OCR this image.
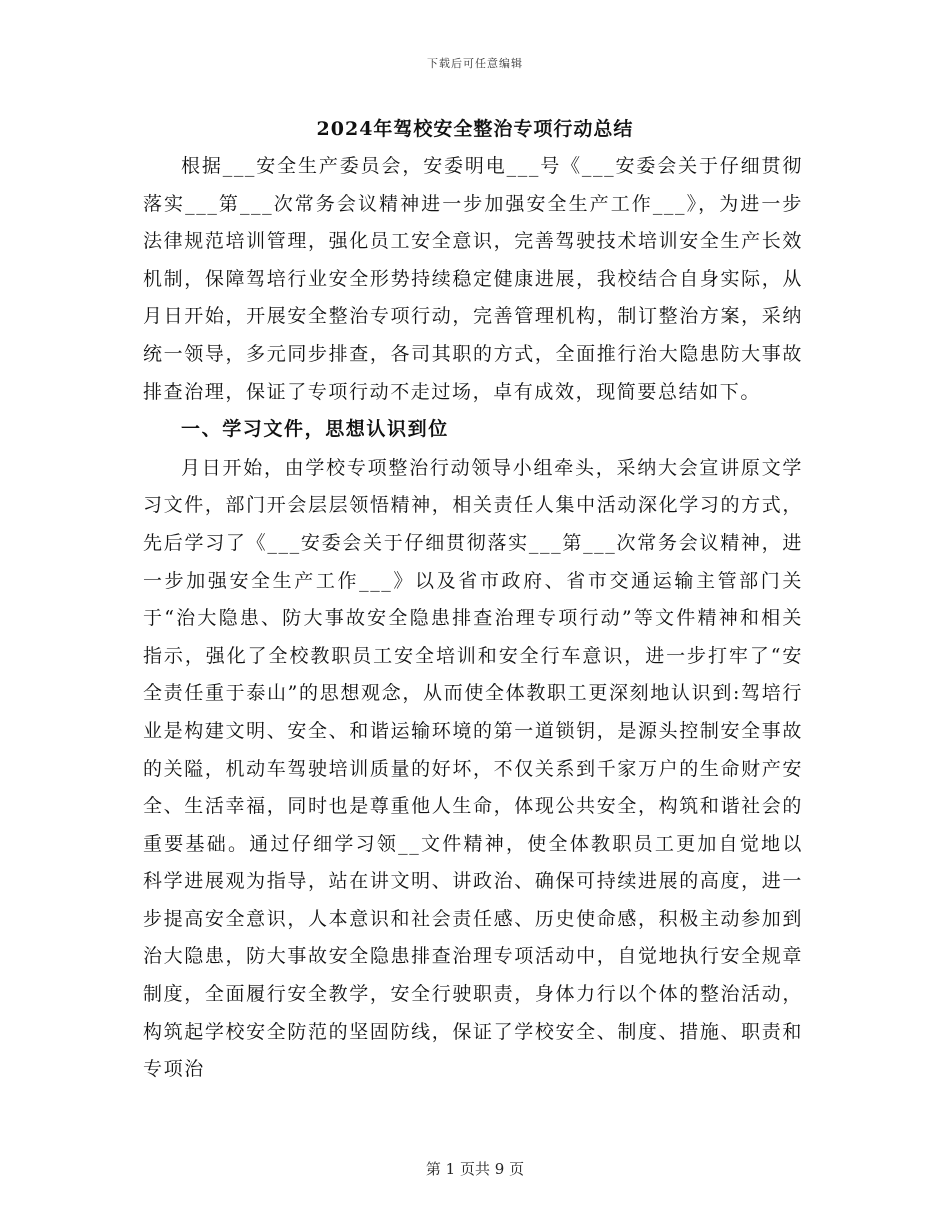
下载后可任意编辑
2024年驾校安全整治专项行动总结

根据___安全生产委员会，安委明电___号《___安委会关于仔细贯彻落实___第___次常务会议精神进一步加强安全生产工作___》，为进一步法律规范培训管理，强化员工安全意识，完善驾驶技术培训安全生产长效机制，保障驾培行业安全形势持续稳定健康进展，我校结合自身实际，从月日开始，开展安全整治专项行动，完善管理机构，制订整治方案，采纳统一领导，多元同步排查，各司其职的方式，全面推行治大隐患防大事故排查治理，保证了专项行动不走过场，卓有成效，现简要总结如下。

一、学习文件，思想认识到位

月日开始，由学校专项整治行动领导小组牵头，采纳大会宣讲原文学习文件，部门开会层层领悟精神，相关责任人集中活动深化学习的方式，先后学习了《___安委会关于仔细贯彻落实___第___次常务会议精神，进一步加强安全生产工作___》以及省市政府、省市交通运输主管部门关于“治大隐患、防大事故安全隐患排查治理专项行动”等文件精神和相关指示，强化了全校教职员工安全培训和安全行车意识，进一步打牢了“安全责任重于泰山”的思想观念，从而使全体教职工更深刻地认识到:驾培行业是构建文明、安全、和谐运输环境的第一道锁钥，是源头控制安全事故的关隘，机动车驾驶培训质量的好坏，不仅关系到千家万户的生命财产安全、生活幸福，同时也是尊重他人生命，体现公共安全，构筑和谐社会的重要基础。通过仔细学习领__文件精神，使全体教职员工更加自觉地以科学进展观为指导，站在讲文明、讲政治、确保可持续进展的高度，进一步提高安全意识，人本意识和社会责任感、历史使命感，积极主动参加到治大隐患，防大事故安全隐患排查治理专项活动中，自觉地执行安全规章制度，全面履行安全教学，安全行驶职责，身体力行以个体的整治活动，构筑起学校安全防范的坚固防线，保证了学校安全、制度、措施、职责和专项治

第 1 页共 9 页
